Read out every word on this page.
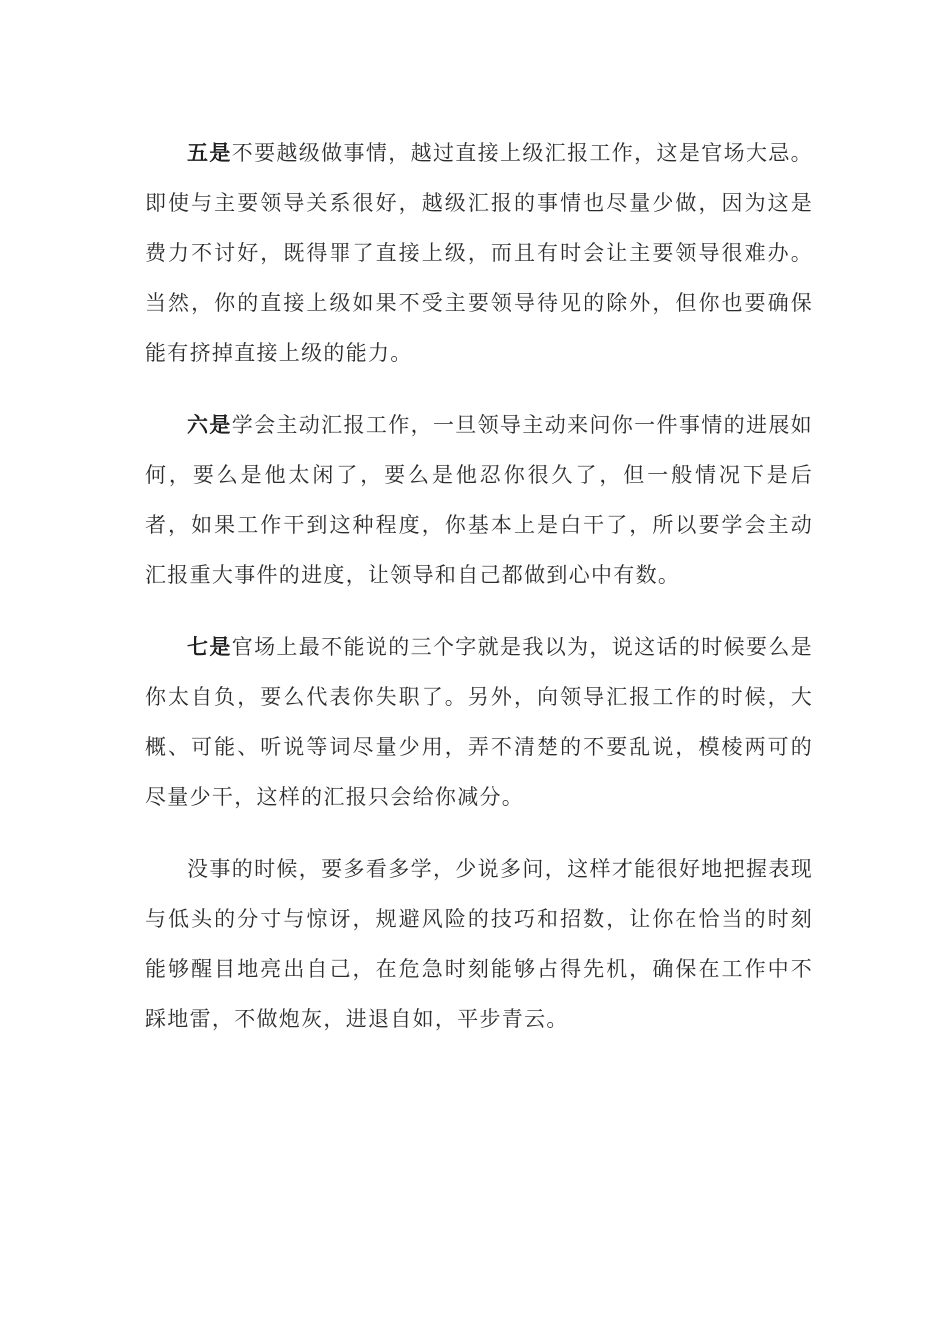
五是不要越级做事情，越过直接上级汇报工作，这是官场大忌。即使与主要领导关系很好，越级汇报的事情也尽量少做，因为这是费力不讨好，既得罪了直接上级，而且有时会让主要领导很难办。当然，你的直接上级如果不受主要领导待见的除外，但你也要确保能有挤掉直接上级的能力。

六是学会主动汇报工作，一旦领导主动来问你一件事情的进展如何，要么是他太闲了，要么是他忍你很久了，但一般情况下是后者，如果工作干到这种程度，你基本上是白干了，所以要学会主动汇报重大事件的进度，让领导和自己都做到心中有数。

七是官场上最不能说的三个字就是我以为，说这话的时候要么是你太自负，要么代表你失职了。另外，向领导汇报工作的时候，大概、可能、听说等词尽量少用，弄不清楚的不要乱说，模棱两可的尽量少干，这样的汇报只会给你减分。

没事的时候，要多看多学，少说多问，这样才能很好地把握表现与低头的分寸与惊讶，规避风险的技巧和招数，让你在恰当的时刻能够醒目地亮出自己，在危急时刻能够占得先机，确保在工作中不踩地雷，不做炮灰，进退自如，平步青云。
